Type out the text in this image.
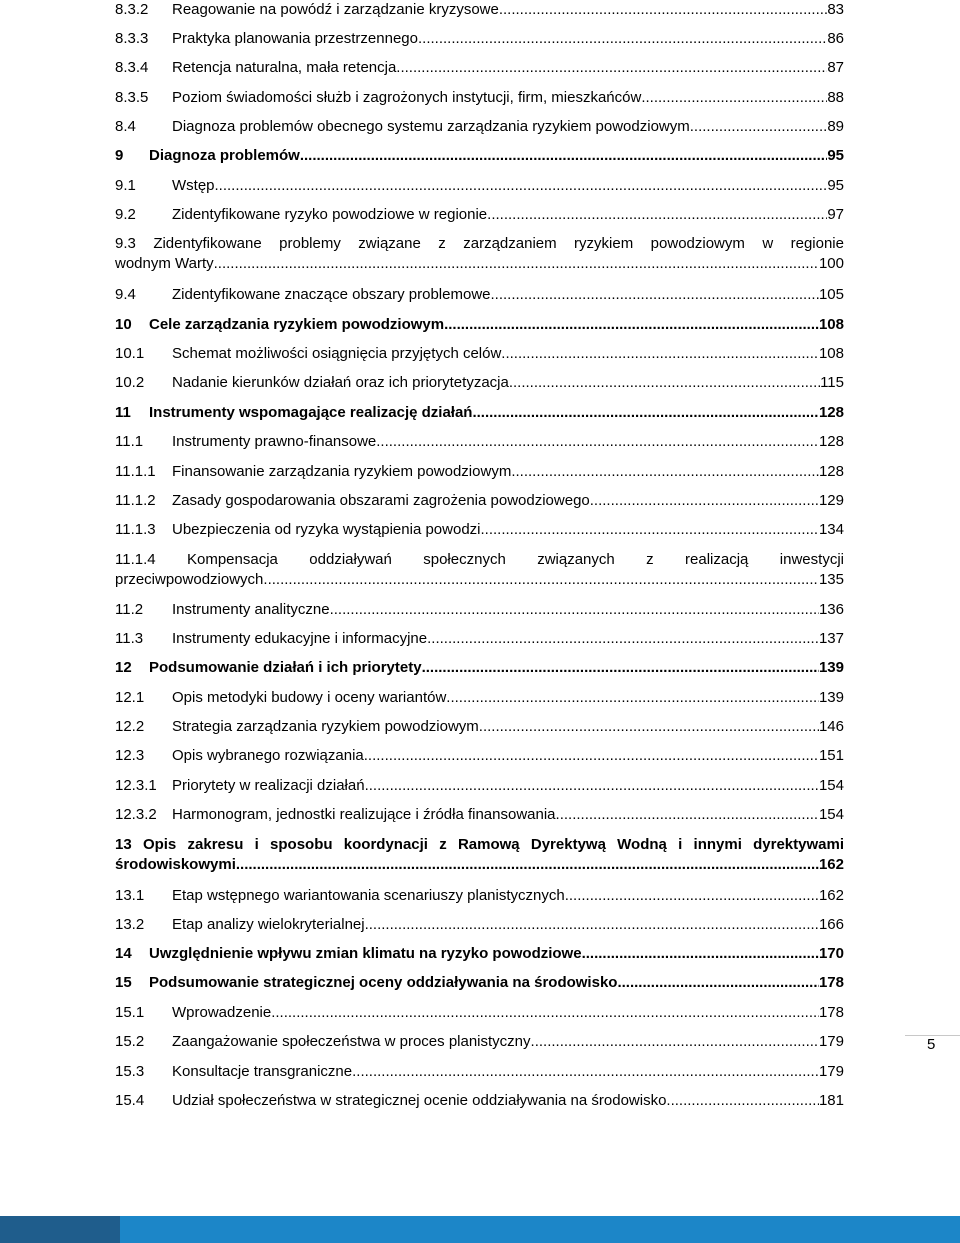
8.3.2	Reagowanie na powódź i zarządzanie kryzysowe .....	83
8.3.3	Praktyka planowania przestrzennego .....	86
8.3.4	Retencja naturalna, mała retencja .....	87
8.3.5	Poziom świadomości służb i zagrożonych instytucji, firm, mieszkańców .....	88
8.4	Diagnoza problemów obecnego systemu zarządzania ryzykiem powodziowym .....	89
9	Diagnoza problemów .....	95
9.1	Wstęp .....	95
9.2	Zidentyfikowane ryzyko powodziowe w regionie .....	97
9.3 Zidentyfikowane problemy związane z zarządzaniem ryzykiem powodziowym w regionie
wodnym Warty .....	100
9.4	Zidentyfikowane znaczące obszary problemowe .....	105
10	Cele zarządzania ryzykiem powodziowym .....	108
10.1	Schemat możliwości osiągnięcia przyjętych celów .....	108
10.2	Nadanie kierunków działań oraz ich priorytetyzacja .....	115
11	Instrumenty wspomagające realizację działań .....	128
11.1	Instrumenty prawno-finansowe .....	128
11.1.1	Finansowanie zarządzania ryzykiem powodziowym .....	128
11.1.2	Zasady gospodarowania obszarami zagrożenia powodziowego .....	129
11.1.3	Ubezpieczenia od ryzyka wystąpienia powodzi .....	134
11.1.4 Kompensacja oddziaływań społecznych związanych z realizacją inwestycji
przeciwpowodziowych .....	135
11.2	Instrumenty analityczne .....	136
11.3	Instrumenty edukacyjne i informacyjne .....	137
12	Podsumowanie działań i ich priorytety .....	139
12.1	Opis metodyki budowy i oceny wariantów .....	139
12.2	Strategia zarządzania ryzykiem powodziowym .....	146
12.3	Opis wybranego rozwiązania .....	151
12.3.1	Priorytety w realizacji działań .....	154
12.3.2	Harmonogram, jednostki realizujące i źródła finansowania .....	154
13 Opis zakresu i sposobu koordynacji z Ramową Dyrektywą Wodną i innymi dyrektywami
środowiskowymi .....	162
13.1	Etap wstępnego wariantowania scenariuszy planistycznych .....	162
13.2	Etap analizy wielokryterialnej .....	166
14	Uwzględnienie wpływu zmian klimatu na ryzyko powodziowe .....	170
15	Podsumowanie strategicznej oceny oddziaływania na środowisko .....	178
15.1	Wprowadzenie .....	178
15.2	Zaangażowanie społeczeństwa w proces planistyczny .....	179
15.3	Konsultacje transgraniczne .....	179
15.4	Udział społeczeństwa w strategicznej ocenie oddziaływania na środowisko .....	181
5
